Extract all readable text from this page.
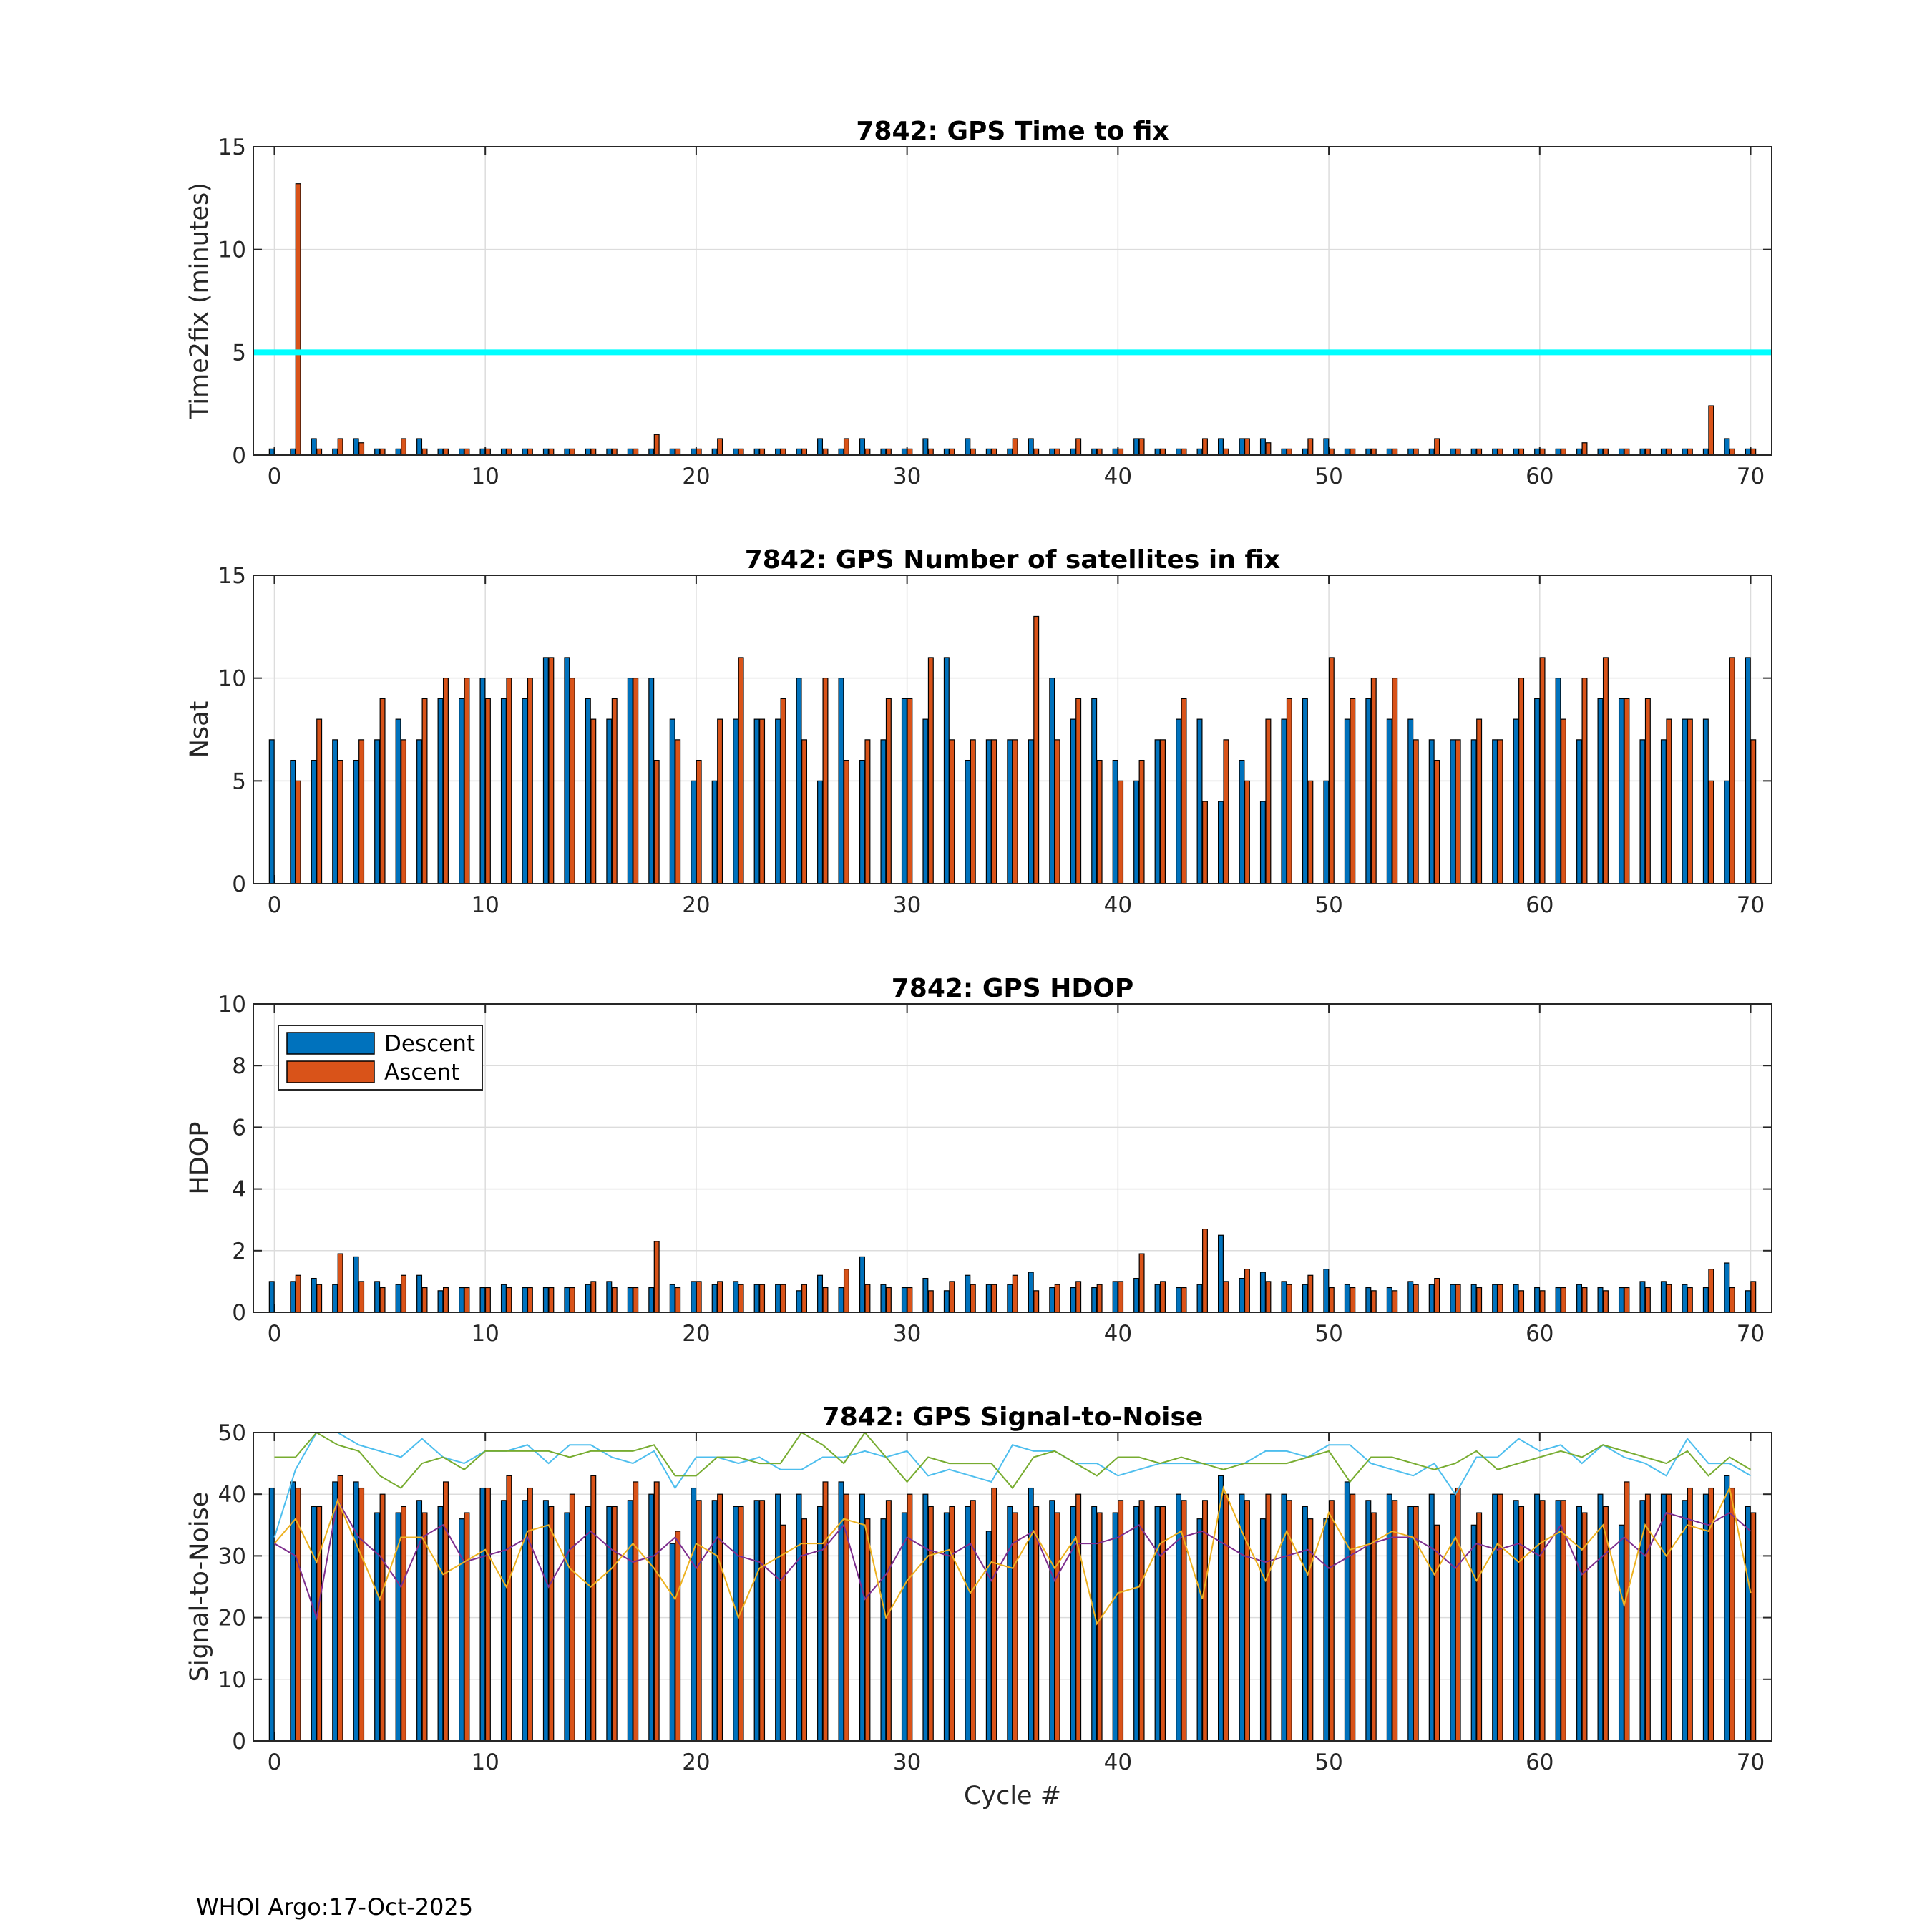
0	10	20	30	40	50	60	70
0
5
10
15
7842: GPS Time to fix
Time2fix (minutes)
0	10	20	30	40	50	60	70
0
5
10
15
7842: GPS Number of satellites in fix
Nsat
0	10	20	30	40	50	60	70
0
2
4
6
8
10
7842: GPS HDOP
HDOP
Descent
Ascent
0	10	20	30	40	50	60	70
0
10
20
30
40
50
7842: GPS Signal-to-Noise
Signal-to-Noise
Cycle #
WHOI Argo:17-Oct-2025
